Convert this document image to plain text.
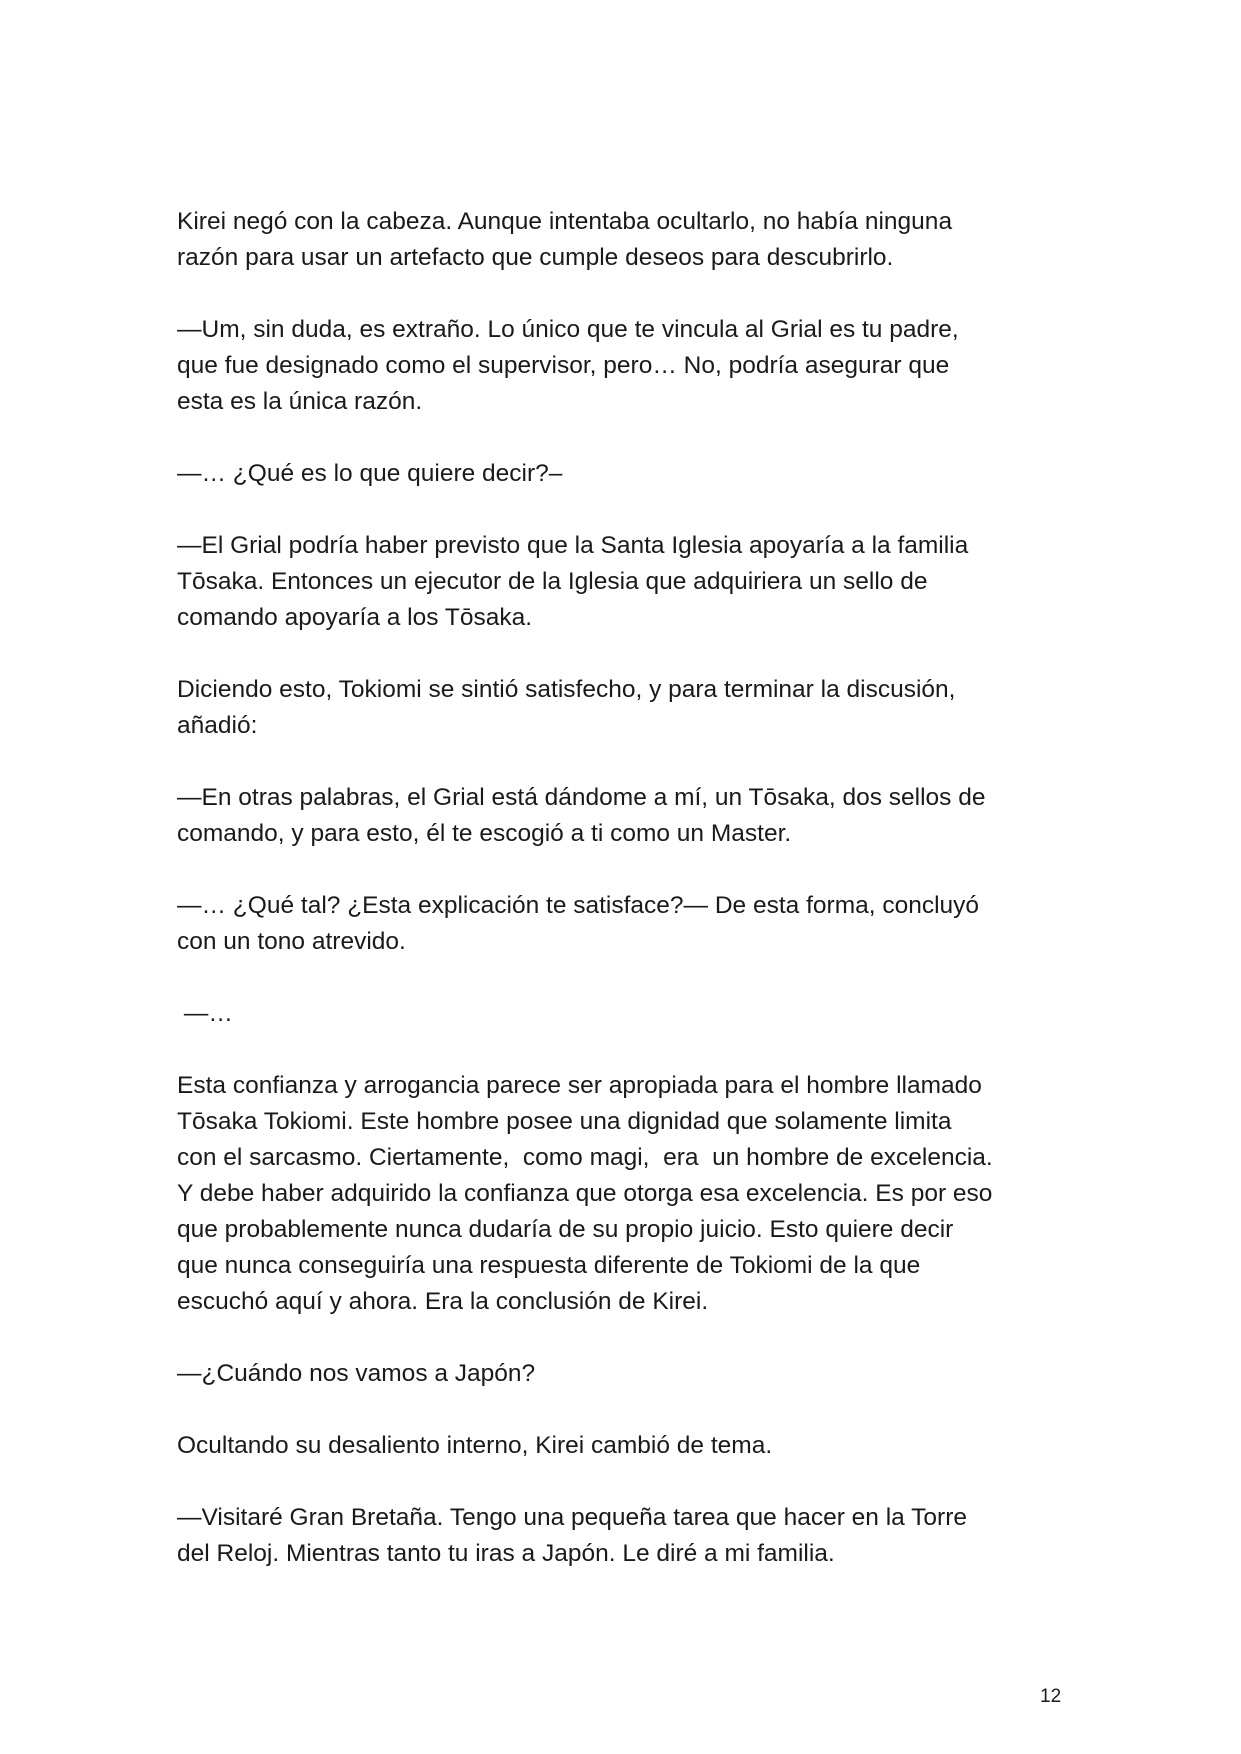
Kirei negó con la cabeza. Aunque intentaba ocultarlo, no había ninguna
razón para usar un artefacto que cumple deseos para descubrirlo.

—Um, sin duda, es extraño. Lo único que te vincula al Grial es tu padre,
que fue designado como el supervisor, pero… No, podría asegurar que
esta es la única razón.

—… ¿Qué es lo que quiere decir?–

—El Grial podría haber previsto que la Santa Iglesia apoyaría a la familia
Tōsaka. Entonces un ejecutor de la Iglesia que adquiriera un sello de
comando apoyaría a los Tōsaka.

Diciendo esto, Tokiomi se sintió satisfecho, y para terminar la discusión,
añadió:

—En otras palabras, el Grial está dándome a mí, un Tōsaka, dos sellos de
comando, y para esto, él te escogió a ti como un Master.

—… ¿Qué tal? ¿Esta explicación te satisface?— De esta forma, concluyó
con un tono atrevido.

—…

Esta confianza y arrogancia parece ser apropiada para el hombre llamado
Tōsaka Tokiomi. Este hombre posee una dignidad que solamente limita
con el sarcasmo. Ciertamente,  como magi,  era  un hombre de excelencia.
Y debe haber adquirido la confianza que otorga esa excelencia. Es por eso
que probablemente nunca dudaría de su propio juicio. Esto quiere decir
que nunca conseguiría una respuesta diferente de Tokiomi de la que
escuchó aquí y ahora. Era la conclusión de Kirei.

—¿Cuándo nos vamos a Japón?

Ocultando su desaliento interno, Kirei cambió de tema.

—Visitaré Gran Bretaña. Tengo una pequeña tarea que hacer en la Torre
del Reloj. Mientras tanto tu iras a Japón. Le diré a mi familia.

12
